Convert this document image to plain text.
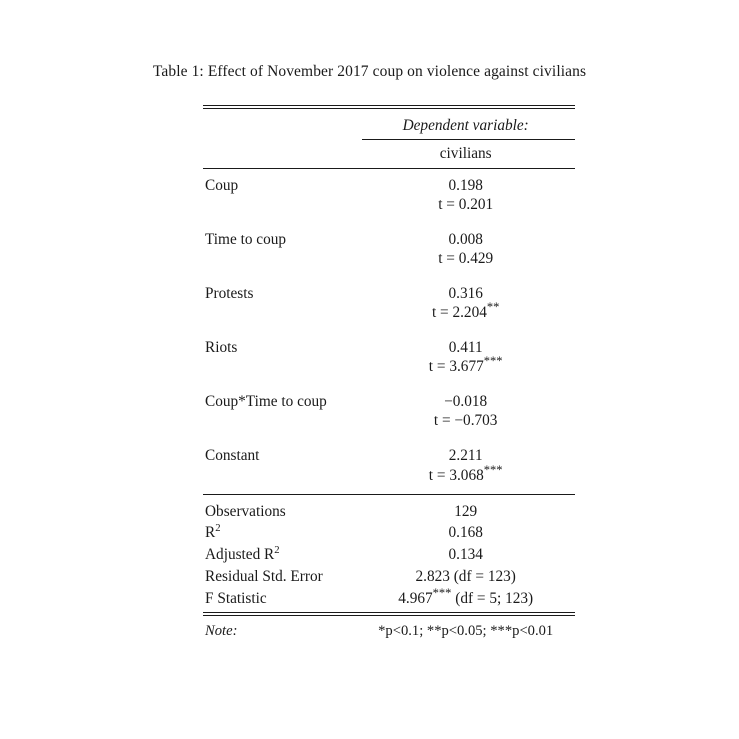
Table 1: Effect of November 2017 coup on violence against civilians

	Dependent variable:

	civilians

Coup	0.198
	t = 0.201
Time to coup	0.008
	t = 0.429
Protests	0.316
	t = 2.204**
Riots	0.411
	t = 3.677***
Coup*Time to coup	−0.018
	t = −0.703
Constant	2.211
	t = 3.068***

Observations	129
$R^2$	0.168
Adjusted $R^2$	0.134
Residual Std. Error	2.823 (df = 123)
F Statistic	4.967*** (df = 5; 123)

Note:	*p<0.1; **p<0.05; ***p<0.01
